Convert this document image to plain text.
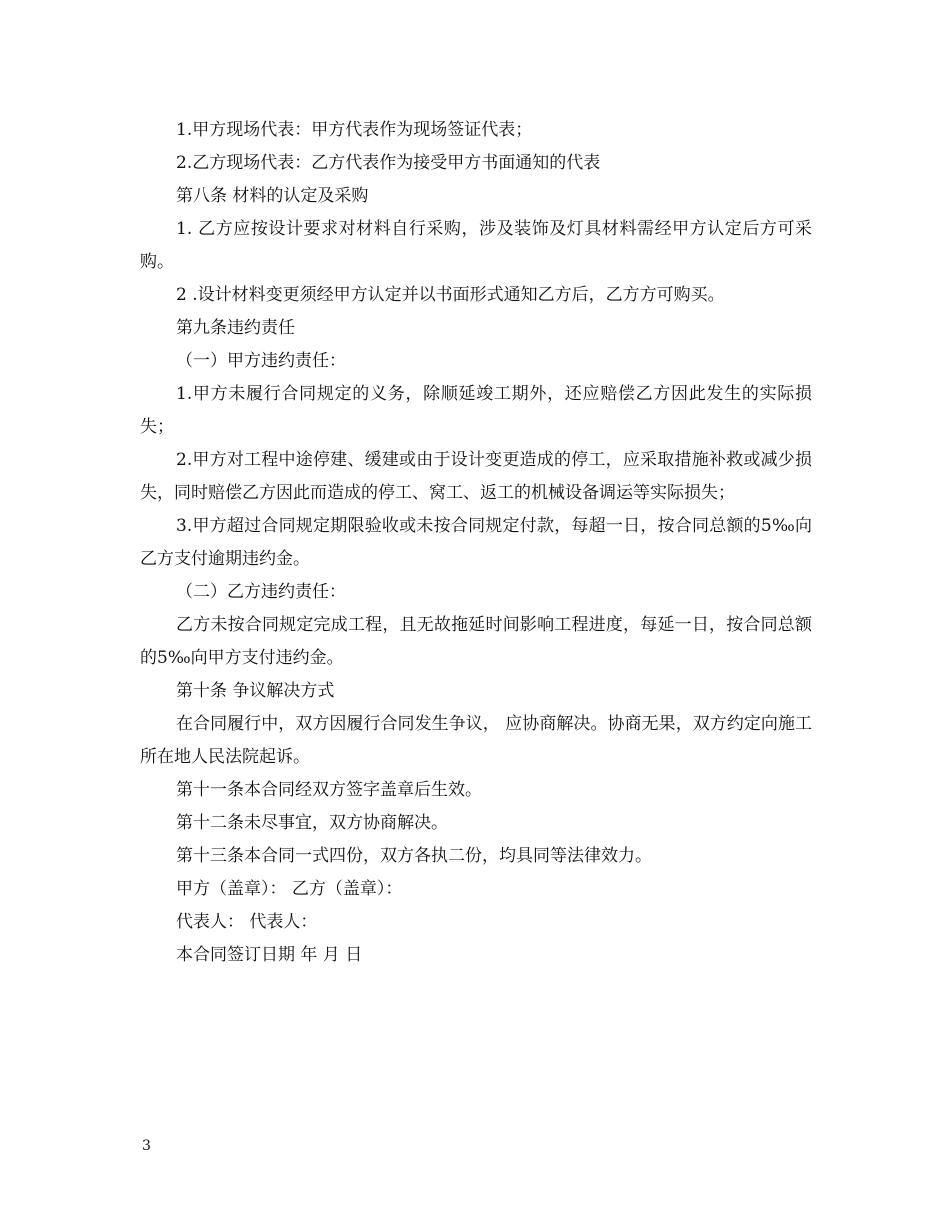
1.甲方现场代表：甲方代表作为现场签证代表；

2.乙方现场代表：乙方代表作为接受甲方书面通知的代表

第八条 材料的认定及采购

1. 乙方应按设计要求对材料自行采购，涉及装饰及灯具材料需经甲方认定后方可采购。

2 .设计材料变更须经甲方认定并以书面形式通知乙方后，乙方方可购买。

第九条违约责任

（一）甲方违约责任：

1.甲方未履行合同规定的义务，除顺延竣工期外，还应赔偿乙方因此发生的实际损失；

2.甲方对工程中途停建、缓建或由于设计变更造成的停工，应采取措施补救或减少损失，同时赔偿乙方因此而造成的停工、窝工、返工的机械设备调运等实际损失；

3.甲方超过合同规定期限验收或未按合同规定付款，每超一日，按合同总额的5‰向乙方支付逾期违约金。

（二）乙方违约责任：

乙方未按合同规定完成工程，且无故拖延时间影响工程进度，每延一日，按合同总额的5‰向甲方支付违约金。

第十条 争议解决方式

在合同履行中，双方因履行合同发生争议， 应协商解决。协商无果，双方约定向施工所在地人民法院起诉。

第十一条本合同经双方签字盖章后生效。

第十二条未尽事宜，双方协商解决。

第十三条本合同一式四份，双方各执二份，均具同等法律效力。

甲方（盖章）： 乙方（盖章）：

代表人： 代表人：

本合同签订日期 年 月 日

3
